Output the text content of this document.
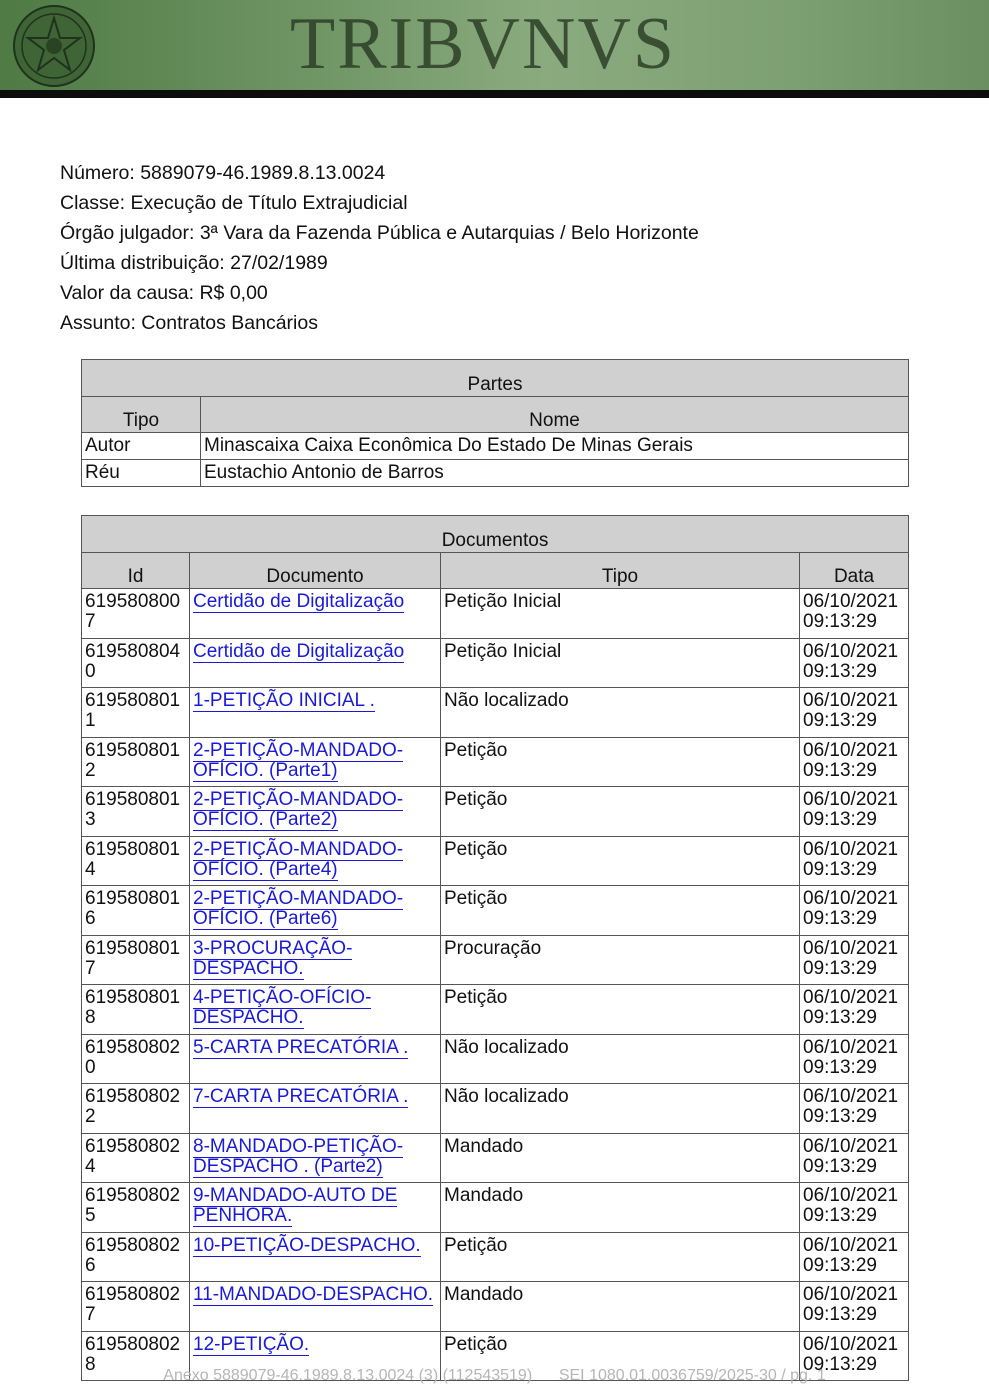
TRIBVNVS
Número: 5889079-46.1989.8.13.0024
Classe: Execução de Título Extrajudicial
Órgão julgador: 3ª Vara da Fazenda Pública e Autarquias / Belo Horizonte
Última distribuição: 27/02/1989
Valor da causa: R$ 0,00
Assunto: Contratos Bancários
Partes	
Tipo	Nome
Autor	Minascaixa Caixa Econômica Do Estado De Minas Gerais
Réu	Eustachio Antonio de Barros
Documentos			
Id	Documento	Tipo	Data
6195808007	Certidão de Digitalização	Petição Inicial	06/10/2021 09:13:29
6195808040	Certidão de Digitalização	Petição Inicial	06/10/2021 09:13:29
6195808011	1-PETIÇÃO INICIAL .	Não localizado	06/10/2021 09:13:29
6195808012	2-PETIÇÃO-MANDADO-OFÍCIO. (Parte1)	Petição	06/10/2021 09:13:29
6195808013	2-PETIÇÃO-MANDADO-OFÍCIO. (Parte2)	Petição	06/10/2021 09:13:29
6195808014	2-PETIÇÃO-MANDADO-OFÍCIO. (Parte4)	Petição	06/10/2021 09:13:29
6195808016	2-PETIÇÃO-MANDADO-OFÍCIO. (Parte6)	Petição	06/10/2021 09:13:29
6195808017	3-PROCURAÇÃO-DESPACHO.	Procuração	06/10/2021 09:13:29
6195808018	4-PETIÇÃO-OFÍCIO-DESPACHO.	Petição	06/10/2021 09:13:29
6195808020	5-CARTA PRECATÓRIA .	Não localizado	06/10/2021 09:13:29
6195808022	7-CARTA PRECATÓRIA .	Não localizado	06/10/2021 09:13:29
6195808024	8-MANDADO-PETIÇÃO-DESPACHO . (Parte2)	Mandado	06/10/2021 09:13:29
6195808025	9-MANDADO-AUTO DE PENHORA.	Mandado	06/10/2021 09:13:29
6195808026	10-PETIÇÃO-DESPACHO.	Petição	06/10/2021 09:13:29
6195808027	11-MANDADO-DESPACHO.	Mandado	06/10/2021 09:13:29
6195808028	12-PETIÇÃO.	Petição	06/10/2021 09:13:29
Anexo 5889079-46.1989.8.13.0024 (3) (112543519) SEI 1080.01.0036759/2025-30 / pg. 1
